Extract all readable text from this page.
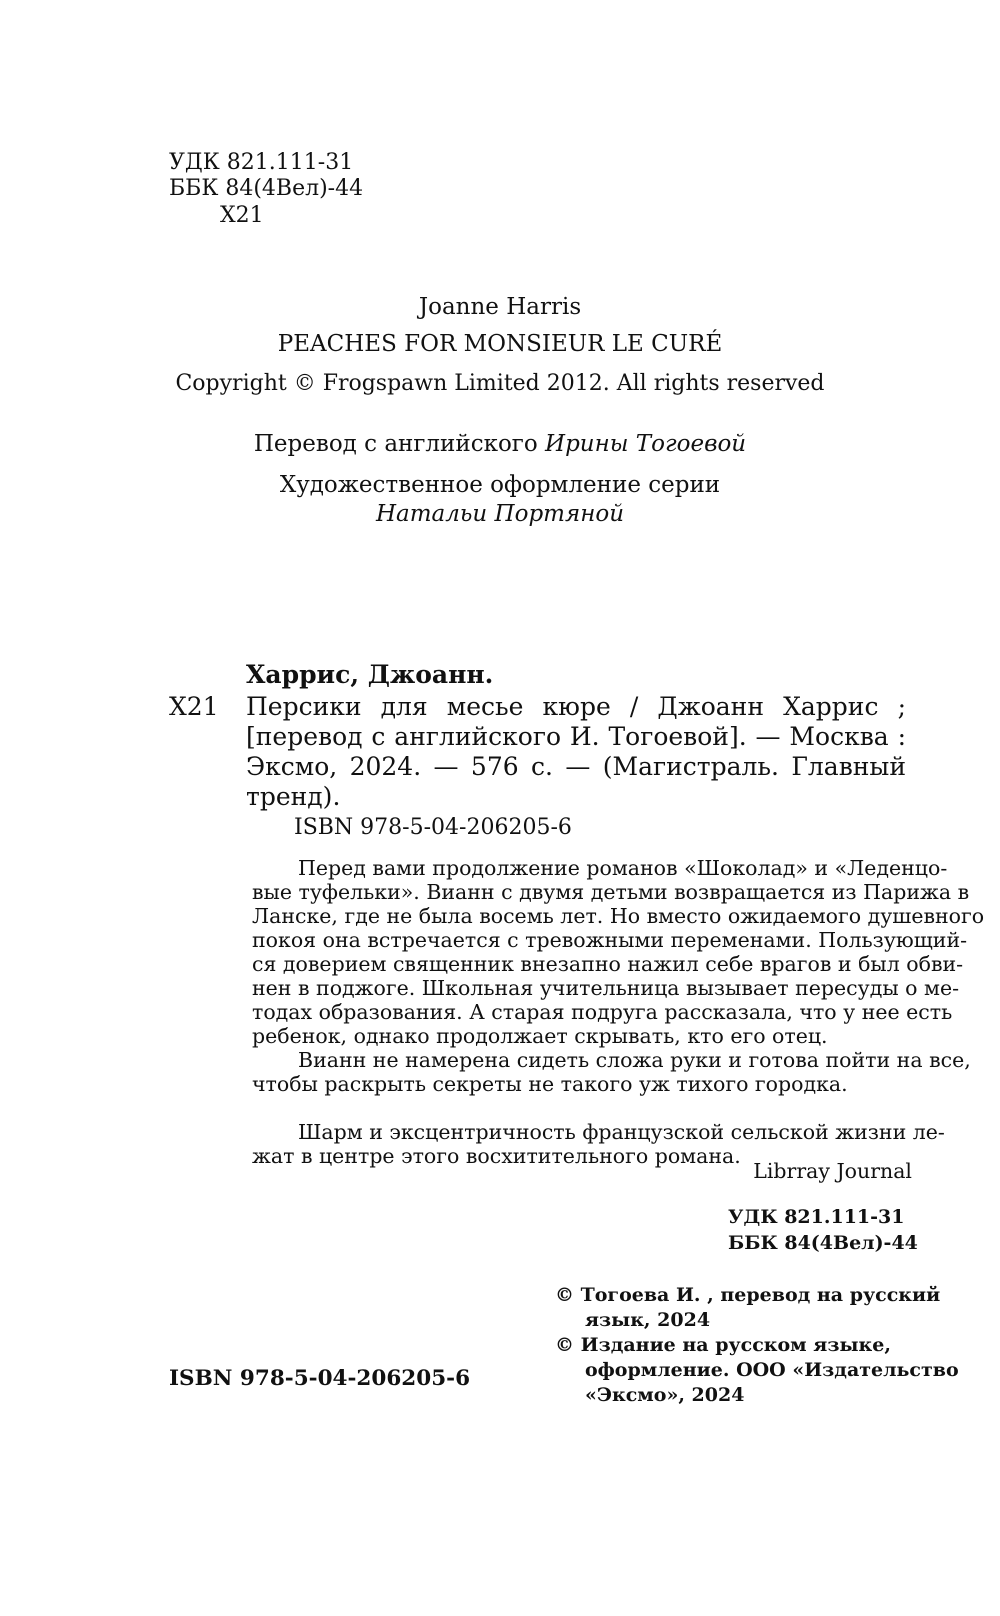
УДК 821.111-31
ББК 84(4Вел)-44
Х21
Joanne Harris
PEACHES FOR MONSIEUR LE CURÉ
Copyright © Frogspawn Limited 2012. All rights reserved
Перевод с английского Ирины Тогоевой
Художественное оформление серии
Натальи Портяной
Харрис, Джоанн.
Х21 Персики для месье кюре / Джоанн Харрис ;
[перевод с английского И. Тогоевой]. — Москва :
Эксмо, 2024. — 576 с. — (Магистраль. Главный
тренд).
ISBN 978-5-04-206205-6
Перед вами продолжение романов «Шоколад» и «Леденцо-
вые туфельки». Вианн с двумя детьми возвращается из Парижа в
Ланске, где не была восемь лет. Но вместо ожидаемого душевного
покоя она встречается с тревожными переменами. Пользующий-
ся доверием священник внезапно нажил себе врагов и был обви-
нен в поджоге. Школьная учительница вызывает пересуды о ме-
тодах образования. А старая подруга рассказала, что у нее есть
ребенок, однако продолжает скрывать, кто его отец.
Вианн не намерена сидеть сложа руки и готова пойти на все,
чтобы раскрыть секреты не такого уж тихого городка.
Шарм и эксцентричность французской сельской жизни ле-
жат в центре этого восхитительного романа.
Librray Journal
УДК 821.111-31
ББК 84(4Вел)-44
© Тогоева И. , перевод на русский
язык, 2024
© Издание на русском языке,
оформление. ООО «Издательство
«Эксмо», 2024
ISBN 978-5-04-206205-6
